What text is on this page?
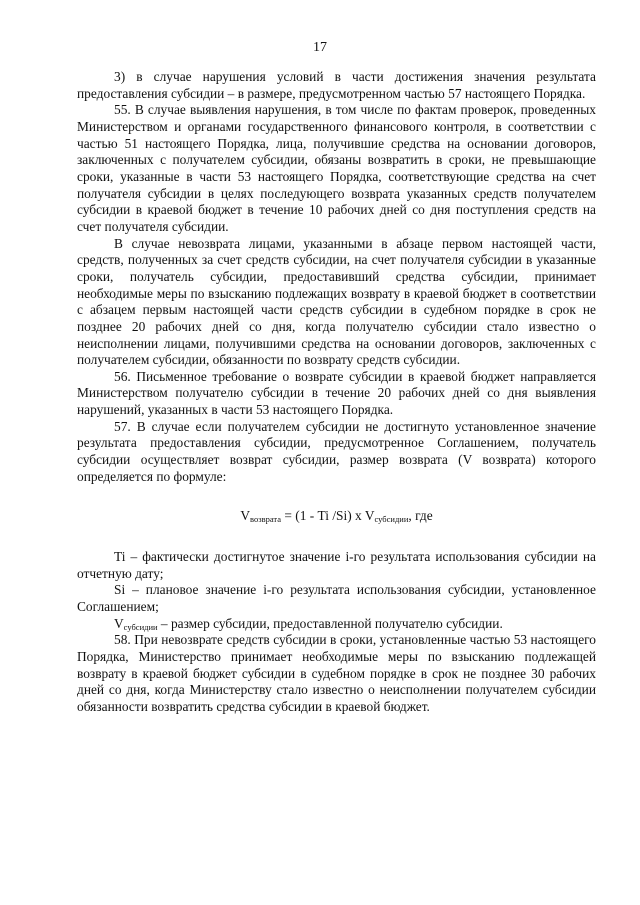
17

3) в случае нарушения условий в части достижения значения результата предоставления субсидии – в размере, предусмотренном частью 57 настоящего Порядка.

55. В случае выявления нарушения, в том числе по фактам проверок, проведенных Министерством и органами государственного финансового контроля, в соответствии с частью 51 настоящего Порядка, лица, получившие средства на основании договоров, заключенных с получателем субсидии, обязаны возвратить в сроки, не превышающие сроки, указанные в части 53 настоящего Порядка, соответствующие средства на счет получателя субсидии в целях последующего возврата указанных средств получателем субсидии в краевой бюджет в течение 10 рабочих дней со дня поступления средств на счет получателя субсидии.

В случае невозврата лицами, указанными в абзаце первом настоящей части, средств, полученных за счет средств субсидии, на счет получателя субсидии в указанные сроки, получатель субсидии, предоставивший средства субсидии, принимает необходимые меры по взысканию подлежащих возврату в краевой бюджет в соответствии с абзацем первым настоящей части средств субсидии в судебном порядке в срок не позднее 20 рабочих дней со дня, когда получателю субсидии стало известно о неисполнении лицами, получившими средства на основании договоров, заключенных с получателем субсидии, обязанности по возврату средств субсидии.

56. Письменное требование о возврате субсидии в краевой бюджет направляется Министерством получателю субсидии в течение 20 рабочих дней со дня выявления нарушений, указанных в части 53 настоящего Порядка.

57. В случае если получателем субсидии не достигнуто установленное значение результата предоставления субсидии, предусмотренное Соглашением, получатель субсидии осуществляет возврат субсидии, размер возврата (V возврата) которого определяется по формуле:

$V_{возврата} = (1 - Ti$ /Si) x $V_{субсидии}$, где

Ti – фактически достигнутое значение i-го результата использования субсидии на отчетную дату;

Si – плановое значение i-го результата использования субсидии, установленное Соглашением;

Vсубсидии – размер субсидии, предоставленной получателю субсидии.

58. При невозврате средств субсидии в сроки, установленные частью 53 настоящего Порядка, Министерство принимает необходимые меры по взысканию подлежащей возврату в краевой бюджет субсидии в судебном порядке в срок не позднее 30 рабочих дней со дня, когда Министерству стало известно о неисполнении получателем субсидии обязанности возвратить средства субсидии в краевой бюджет.
